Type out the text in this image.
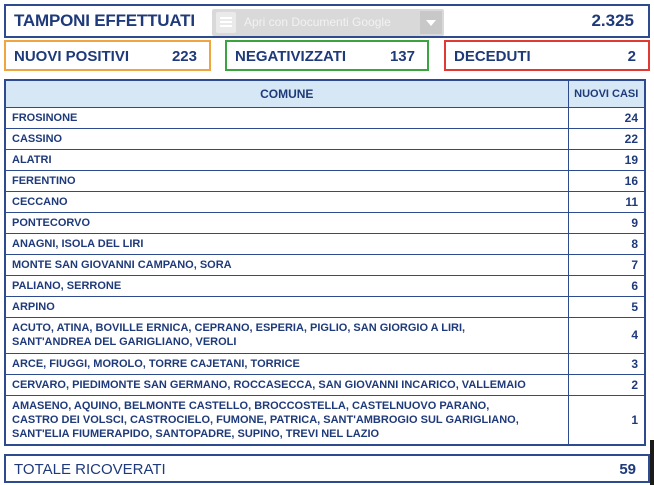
TAMPONI EFFETTUATI	Apri con Documenti Google	2.325
NUOVI POSITIVI	223	NEGATIVIZZATI	137	DECEDUTI	2
COMUNE	NUOVI CASI
FROSINONE	24
CASSINO	22
ALATRI	19
FERENTINO	16
CECCANO	11
PONTECORVO	9
ANAGNI, ISOLA DEL LIRI	8
MONTE SAN GIOVANNI CAMPANO, SORA	7
PALIANO, SERRONE	6
ARPINO	5
ACUTO, ATINA, BOVILLE ERNICA, CEPRANO, ESPERIA, PIGLIO, SAN GIORGIO A LIRI,
SANT'ANDREA DEL GARIGLIANO, VEROLI	4
ARCE, FIUGGI, MOROLO, TORRE CAJETANI, TORRICE	3
CERVARO, PIEDIMONTE SAN GERMANO, ROCCASECCA, SAN GIOVANNI INCARICO, VALLEMAIO	2
AMASENO, AQUINO, BELMONTE CASTELLO, BROCCOSTELLA, CASTELNUOVO PARANO,
CASTRO DEI VOLSCI, CASTROCIELO, FUMONE, PATRICA, SANT'AMBROGIO SUL GARIGLIANO,
SANT'ELIA FIUMERAPIDO, SANTOPADRE, SUPINO, TREVI NEL LAZIO	1
TOTALE RICOVERATI	59
